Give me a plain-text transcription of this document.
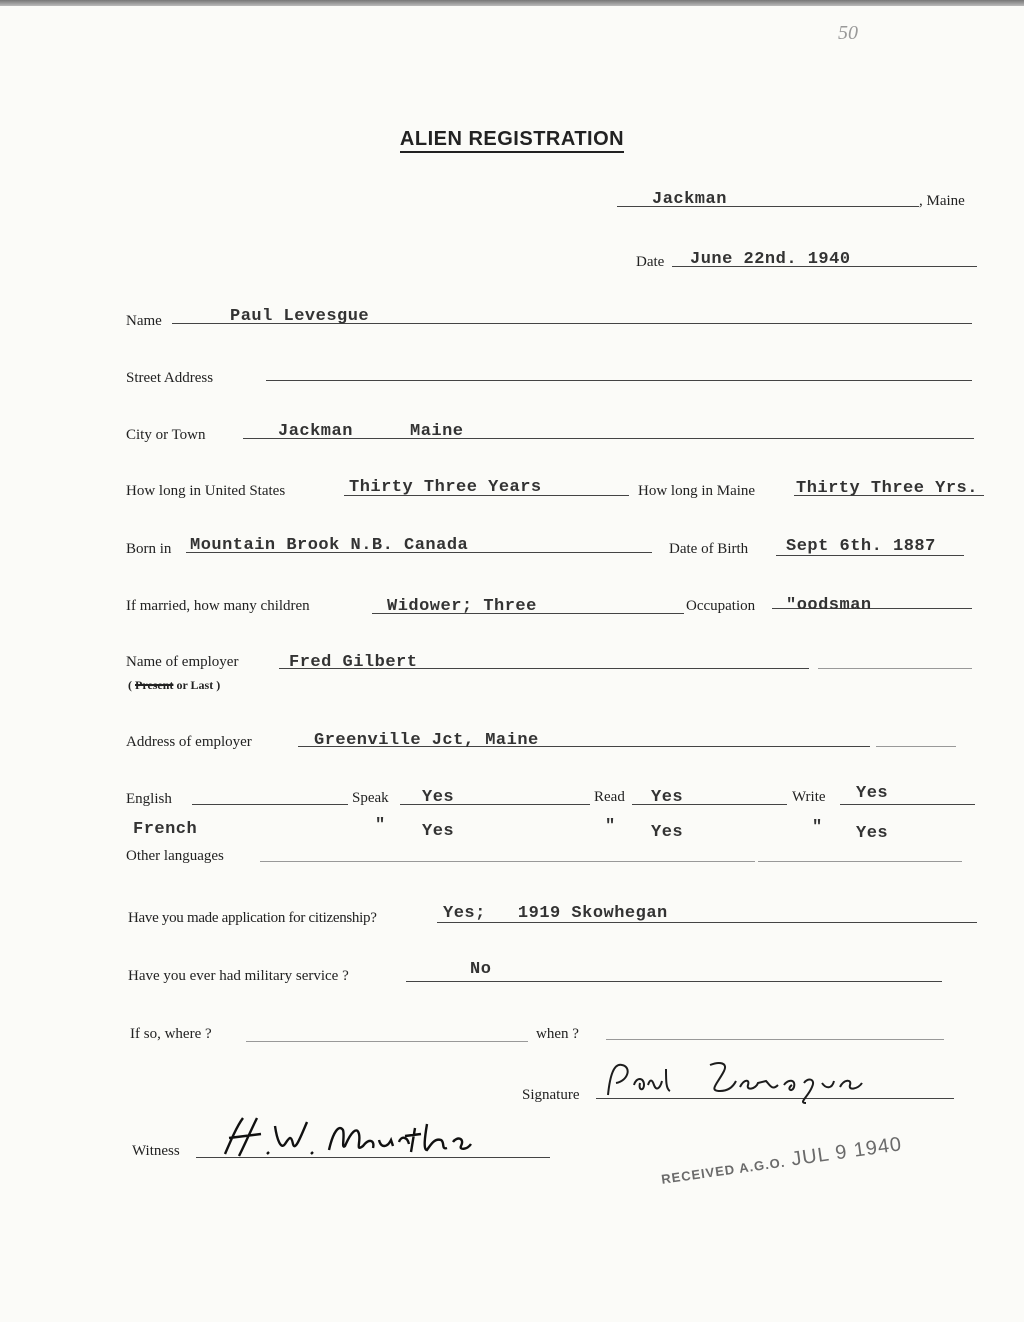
50
ALIEN REGISTRATION
Jackman	, Maine
Date June 22nd. 1940
Name	Paul Levesgue
Street Address
City or Town	Jackman	Maine
How long in United States	Thirty Three Years	How long in Maine Thirty Three Yrs.
Born in Mountain Brook N.B. Canada	Date of Birth Sept 6th. 1887
If married, how many children	Widower; Three	Occupation "oodsman
Name of employer	Fred Gilbert
( Present or Last )
Address of employer	Greenville Jct, Maine
English	Speak Yes	Read Yes	Write Yes
French	" Yes	" Yes	" Yes
Other languages
Have you made application for citizenship?	Yes;   1919 Skowhegan
Have you ever had military service ?	No
If so, where ?	when ?
Signature
Witness
RECEIVED A.G.O. JUL 9 1940
